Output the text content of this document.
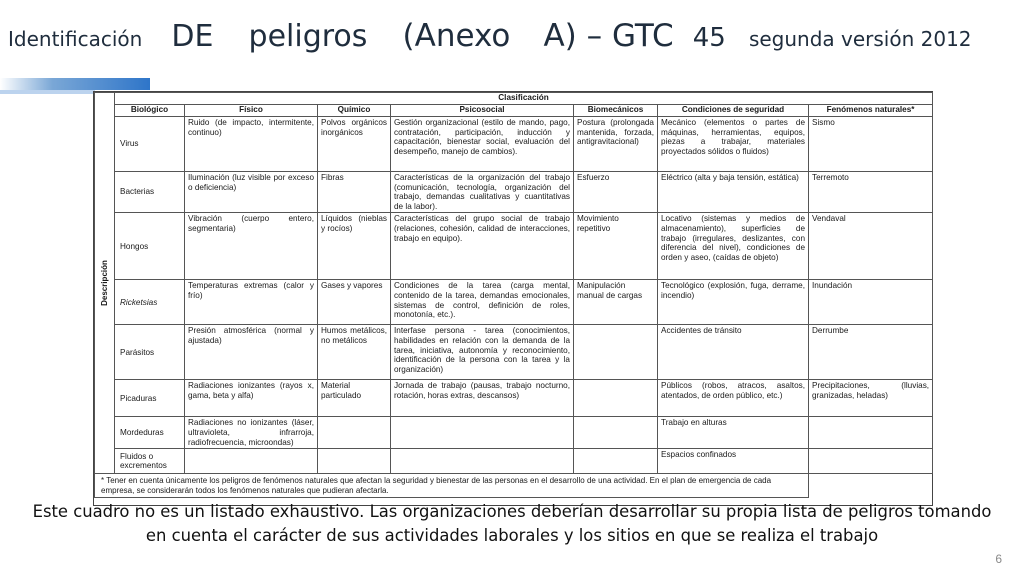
Identificación DE peligros (Anexo A) – GTC 45 segunda versión 2012
Descripción	Clasificación						
	Biológico	Físico	Químico	Psicosocial	Biomecánicos	Condiciones de seguridad	Fenómenos naturales*
	Virus	Ruido (de impacto, intermitente, continuo)	Polvos orgánicos inorgánicos	Gestión organizacional (estilo de mando, pago, contratación, participación, inducción y capacitación, bienestar social, evaluación del desempeño, manejo de cambios).	Postura (prolongada mantenida, forzada, antigravitacional)	Mecánico (elementos o partes de máquinas, herramientas, equipos, piezas a trabajar, materiales proyectados sólidos o fluidos)	Sismo
	Bacterias	Iluminación (luz visible por exceso o deficiencia)	Fibras	Características de la organización del trabajo (comunicación, tecnología, organización del trabajo, demandas cualitativas y cuantitativas de la labor).	Esfuerzo	Eléctrico (alta y baja tensión, estática)	Terremoto
	Hongos	Vibración (cuerpo entero, segmentaria)	Líquidos (nieblas y rocíos)	Características del grupo social de trabajo (relaciones, cohesión, calidad de interacciones, trabajo en equipo).	Movimiento repetitivo	Locativo (sistemas y medios de almacenamiento), superficies de trabajo (irregulares, deslizantes, con diferencia del nivel), condiciones de orden y aseo, (caídas de objeto)	Vendaval
	Ricketsias	Temperaturas extremas (calor y frío)	Gases y vapores	Condiciones de la tarea (carga mental, contenido de la tarea, demandas emocionales, sistemas de control, definición de roles, monotonía, etc.).	Manipulación manual de cargas	Tecnológico (explosión, fuga, derrame, incendio)	Inundación
	Parásitos	Presión atmosférica (normal y ajustada)	Humos metálicos, no metálicos	Interfase persona - tarea (conocimientos, habilidades en relación con la demanda de la tarea, iniciativa, autonomía y reconocimiento, identificación de la persona con la tarea y la organización)		Accidentes de tránsito	Derrumbe
	Picaduras	Radiaciones ionizantes (rayos x, gama, beta y alfa)	Material particulado	Jornada de trabajo (pausas, trabajo nocturno, rotación, horas extras, descansos)		Públicos (robos, atracos, asaltos, atentados, de orden público, etc.)	Precipitaciones, (lluvias, granizadas, heladas)
	Mordeduras	Radiaciones no ionizantes (láser, ultravioleta, infrarroja, radiofrecuencia, microondas)				Trabajo en alturas	
	Fluidos o excrementos					Espacios confinados	
* Tener en cuenta únicamente los peligros de fenómenos naturales que afectan la seguridad y bienestar de las personas en el desarrollo de una actividad. En el plan de emergencia de cada empresa, se considerarán todos los fenómenos naturales que pudieran afectarla.							
Este cuadro no es un listado exhaustivo. Las organizaciones deberían desarrollar su propia lista de peligros tomando en cuenta el carácter de sus actividades laborales y los sitios en que se realiza el trabajo
6
